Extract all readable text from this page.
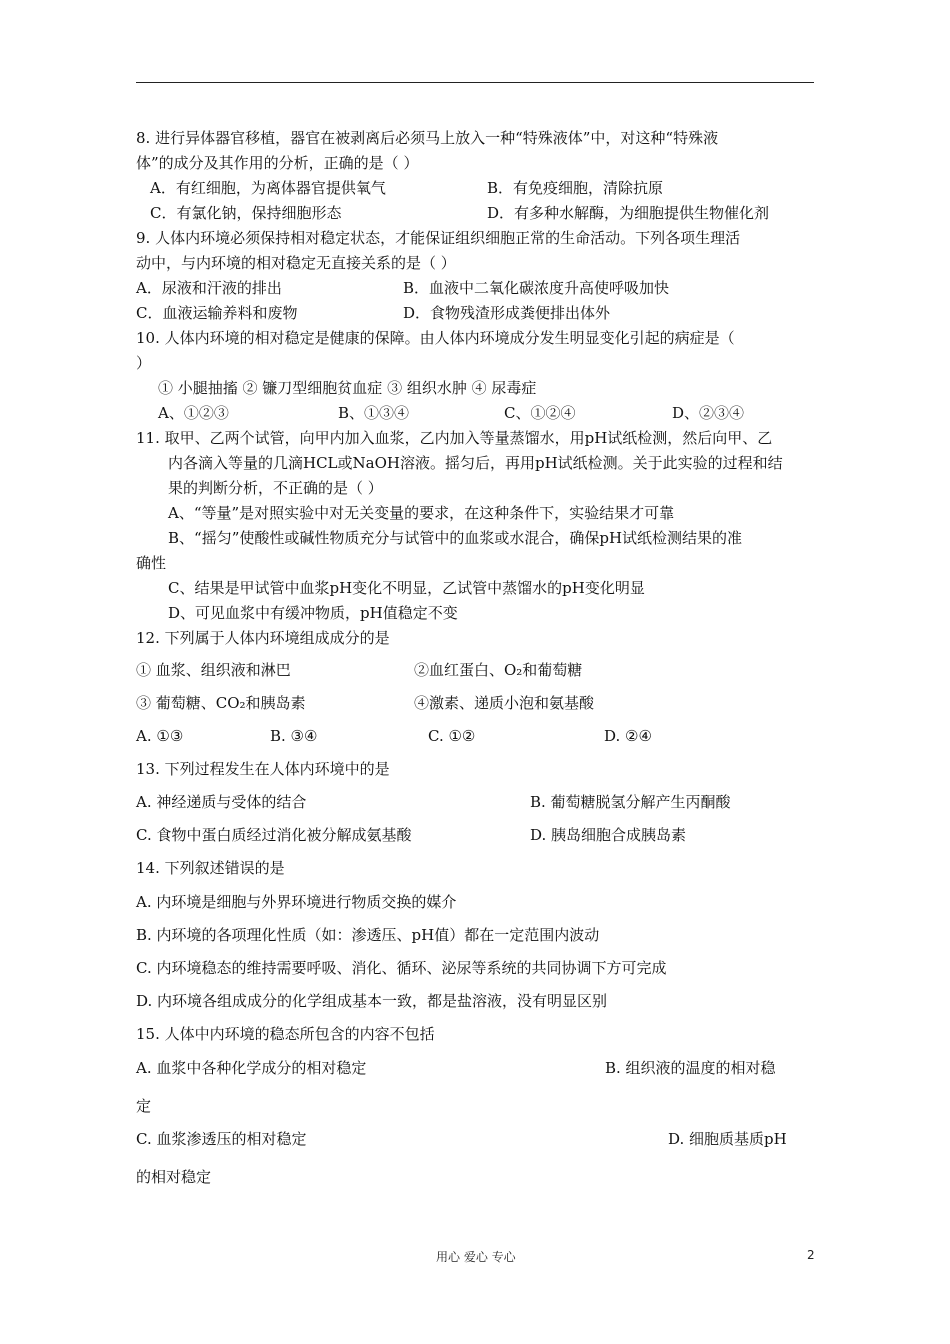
8. 进行异体器官移植，器官在被剥离后必须马上放入一种“特殊液体”中，对这种“特殊液
体”的成分及其作用的分析，正确的是（ ）
A．有红细胞，为离体器官提供氧气	B．有免疫细胞，清除抗原
C．有氯化钠，保持细胞形态	D．有多种水解酶，为细胞提供生物催化剂
9. 人体内环境必须保持相对稳定状态，才能保证组织细胞正常的生命活动。下列各项生理活
动中，与内环境的相对稳定无直接关系的是（ ）
A．尿液和汗液的排出	B．血液中二氧化碳浓度升高使呼吸加快
C．血液运输养料和废物	D．食物残渣形成粪便排出体外
10. 人体内环境的相对稳定是健康的保障。由人体内环境成分发生明显变化引起的病症是（
）
① 小腿抽搐 ② 镰刀型细胞贫血症 ③ 组织水肿 ④ 尿毒症
A、①②③	B、①③④	C、①②④	D、②③④
11. 取甲、乙两个试管，向甲内加入血浆，乙内加入等量蒸馏水，用pH试纸检测，然后向甲、乙
内各滴入等量的几滴HCL或NaOH溶液。摇匀后，再用pH试纸检测。关于此实验的过程和结
果的判断分析，不正确的是（ ）
A、“等量”是对照实验中对无关变量的要求，在这种条件下，实验结果才可靠
B、“摇匀”使酸性或碱性物质充分与试管中的血浆或水混合，确保pH试纸检测结果的准
确性
C、结果是甲试管中血浆pH变化不明显，乙试管中蒸馏水的pH变化明显
D、可见血浆中有缓冲物质，pH值稳定不变
12. 下列属于人体内环境组成成分的是
① 血浆、组织液和淋巴	②血红蛋白、O₂和葡萄糖
③ 葡萄糖、CO₂和胰岛素	④激素、递质小泡和氨基酸
A. ①③	B. ③④	C. ①②	D. ②④
13. 下列过程发生在人体内环境中的是
A. 神经递质与受体的结合	B. 葡萄糖脱氢分解产生丙酮酸
C. 食物中蛋白质经过消化被分解成氨基酸	D. 胰岛细胞合成胰岛素
14. 下列叙述错误的是
A. 内环境是细胞与外界环境进行物质交换的媒介
B. 内环境的各项理化性质（如：渗透压、pH值）都在一定范围内波动
C. 内环境稳态的维持需要呼吸、消化、循环、泌尿等系统的共同协调下方可完成
D. 内环境各组成成分的化学组成基本一致，都是盐溶液，没有明显区别
15. 人体中内环境的稳态所包含的内容不包括
A. 血浆中各种化学成分的相对稳定	B. 组织液的温度的相对稳
定
C. 血浆渗透压的相对稳定	D. 细胞质基质pH
的相对稳定
用心 爱心 专心	2
